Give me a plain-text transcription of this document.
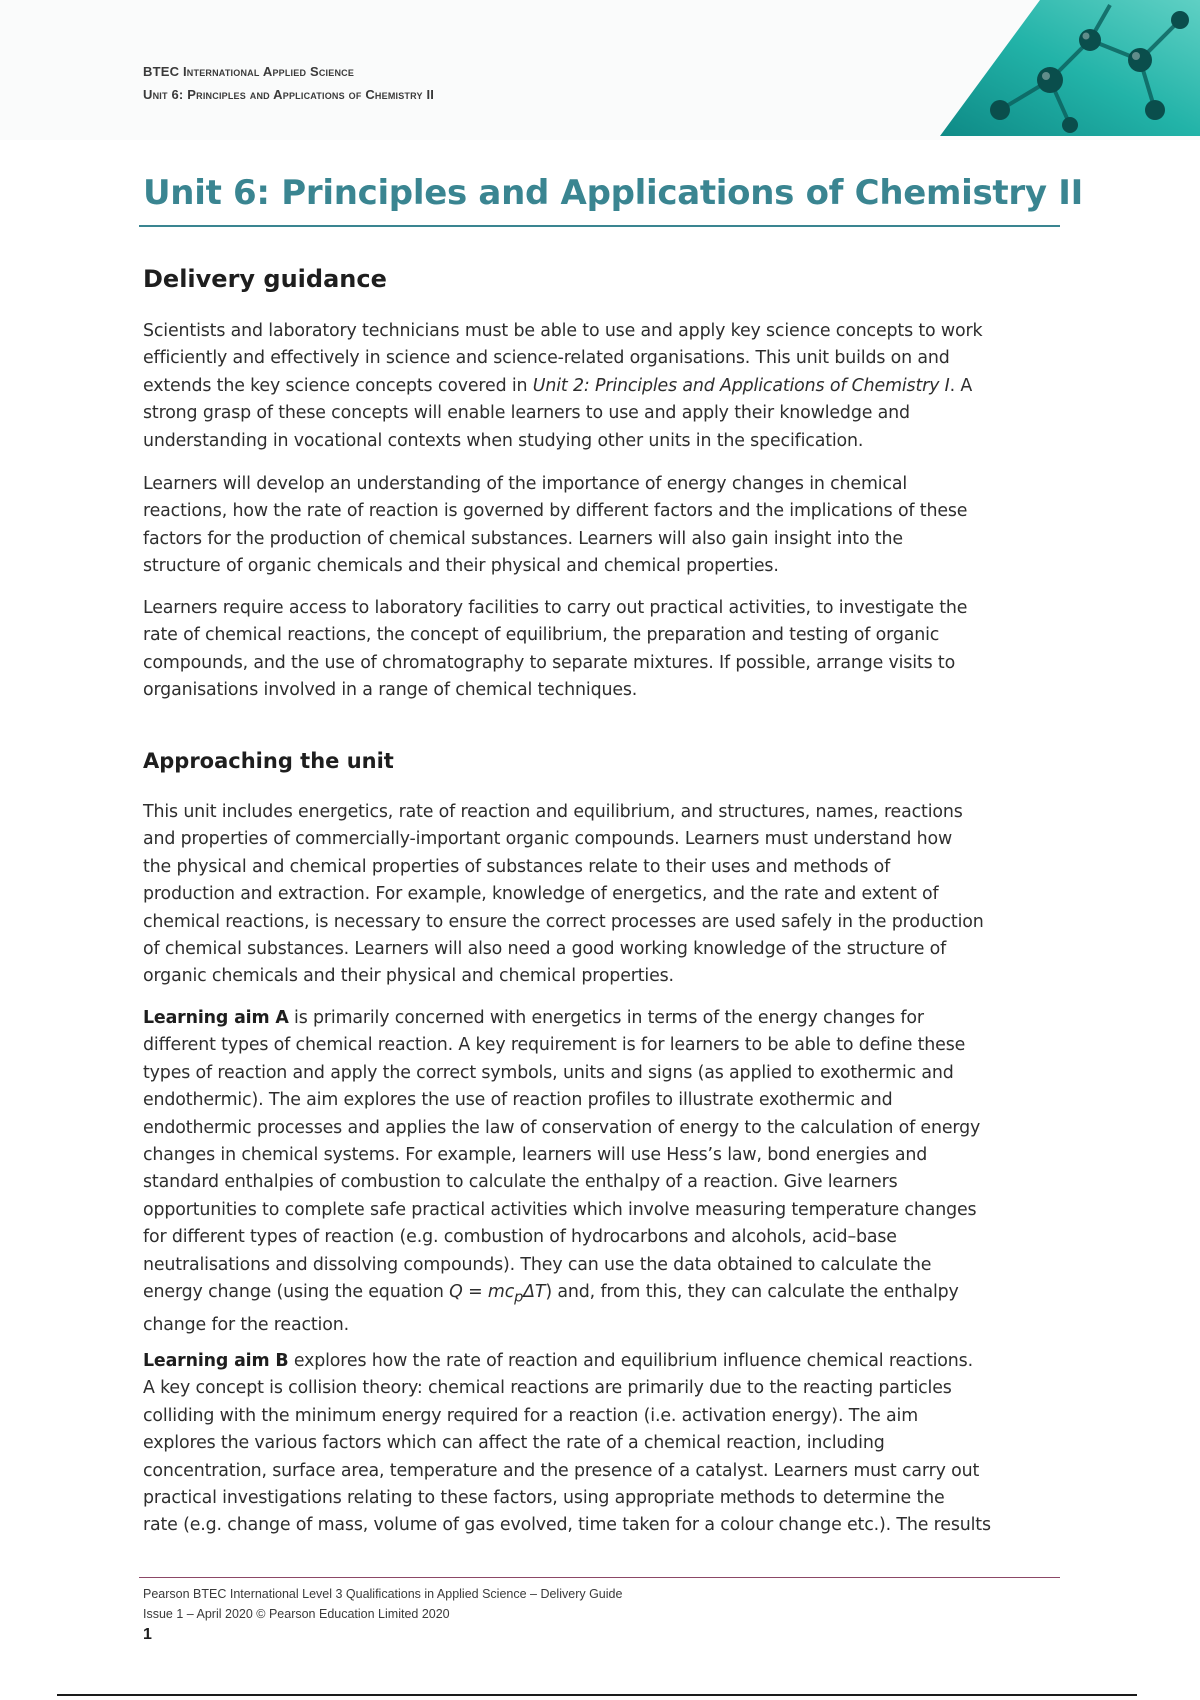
BTEC International Applied Science
Unit 6: Principles and Applications of Chemistry II
Unit 6: Principles and Applications of Chemistry II
Delivery guidance

Scientists and laboratory technicians must be able to use and apply key science concepts to work
efficiently and effectively in science and science-related organisations. This unit builds on and
extends the key science concepts covered in Unit 2: Principles and Applications of Chemistry I. A
strong grasp of these concepts will enable learners to use and apply their knowledge and
understanding in vocational contexts when studying other units in the specification.

Learners will develop an understanding of the importance of energy changes in chemical
reactions, how the rate of reaction is governed by different factors and the implications of these
factors for the production of chemical substances. Learners will also gain insight into the
structure of organic chemicals and their physical and chemical properties.

Learners require access to laboratory facilities to carry out practical activities, to investigate the
rate of chemical reactions, the concept of equilibrium, the preparation and testing of organic
compounds, and the use of chromatography to separate mixtures. If possible, arrange visits to
organisations involved in a range of chemical techniques.

Approaching the unit

This unit includes energetics, rate of reaction and equilibrium, and structures, names, reactions
and properties of commercially-important organic compounds. Learners must understand how
the physical and chemical properties of substances relate to their uses and methods of
production and extraction. For example, knowledge of energetics, and the rate and extent of
chemical reactions, is necessary to ensure the correct processes are used safely in the production
of chemical substances. Learners will also need a good working knowledge of the structure of
organic chemicals and their physical and chemical properties.

Learning aim A is primarily concerned with energetics in terms of the energy changes for
different types of chemical reaction. A key requirement is for learners to be able to define these
types of reaction and apply the correct symbols, units and signs (as applied to exothermic and
endothermic). The aim explores the use of reaction profiles to illustrate exothermic and
endothermic processes and applies the law of conservation of energy to the calculation of energy
changes in chemical systems. For example, learners will use Hess’s law, bond energies and
standard enthalpies of combustion to calculate the enthalpy of a reaction. Give learners
opportunities to complete safe practical activities which involve measuring temperature changes
for different types of reaction (e.g. combustion of hydrocarbons and alcohols, acid–base
neutralisations and dissolving compounds). They can use the data obtained to calculate the
energy change (using the equation $Q = mc_p\Delta T$) and, from this, they can calculate the enthalpy
change for the reaction.

Learning aim B explores how the rate of reaction and equilibrium influence chemical reactions.
A key concept is collision theory: chemical reactions are primarily due to the reacting particles
colliding with the minimum energy required for a reaction (i.e. activation energy). The aim
explores the various factors which can affect the rate of a chemical reaction, including
concentration, surface area, temperature and the presence of a catalyst. Learners must carry out
practical investigations relating to these factors, using appropriate methods to determine the
rate (e.g. change of mass, volume of gas evolved, time taken for a colour change etc.). The results

Pearson BTEC International Level 3 Qualifications in Applied Science – Delivery Guide
Issue 1 – April 2020 © Pearson Education Limited 2020
1
